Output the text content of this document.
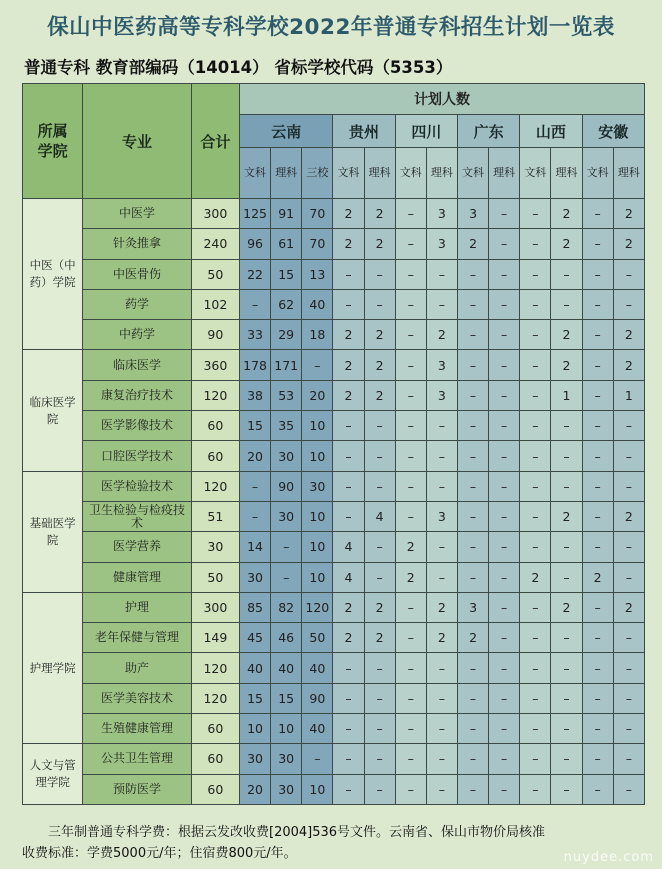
保山中医药高等专科学校2022年普通专科招生计划一览表
普通专科 教育部编码（14014） 省标学校代码（5353）
所属学院	专业	合计	计划人数												
			云南			贵州		四川		广东		山西		安徽	

			文科	理科	三校	文科	理科	文科	理科	文科	理科	文科	理科	文科	理科

中医（中药）学院	中医学	300	125	91	70	2	2	–	3	3	–	–	2	–	2
	针灸推拿	240	96	61	70	2	2	–	3	2	–	–	2	–	2
	中医骨伤	50	22	15	13	–	–	–	–	–	–	–	–	–	–
	药学	102	–	62	40	–	–	–	–	–	–	–	–	–	–
	中药学	90	33	29	18	2	2	–	2	–	–	–	2	–	2
临床医学院	临床医学	360	178	171	–	2	2	–	3	–	–	–	2	–	2
	康复治疗技术	120	38	53	20	2	2	–	3	–	–	–	1	–	1
	医学影像技术	60	15	35	10	–	–	–	–	–	–	–	–	–	–
	口腔医学技术	60	20	30	10	–	–	–	–	–	–	–	–	–	–
基础医学院	医学检验技术	120	–	90	30	–	–	–	–	–	–	–	–	–	–
	卫生检验与检疫技术	51	–	30	10	–	4	–	3	–	–	–	2	–	2
	医学营养	30	14	–	10	4	–	2	–	–	–	–	–	–	–
	健康管理	50	30	–	10	4	–	2	–	–	–	2	–	2	–
护理学院	护理	300	85	82	120	2	2	–	2	3	–	–	2	–	2
	老年保健与管理	149	45	46	50	2	2	–	2	2	–	–	–	–	–
	助产	120	40	40	40	–	–	–	–	–	–	–	–	–	–
	医学美容技术	120	15	15	90	–	–	–	–	–	–	–	–	–	–
	生殖健康管理	60	10	10	40	–	–	–	–	–	–	–	–	–	–
人文与管理学院	公共卫生管理	60	30	30	–	–	–	–	–	–	–	–	–	–	–
	预防医学	60	20	30	10	–	–	–	–	–	–	–	–	–	–
三年制普通专科学费：根据云发改收费[2004]536号文件。云南省、保山市物价局核准
收费标准：学费5000元/年；住宿费800元/年。	nuydee.com
